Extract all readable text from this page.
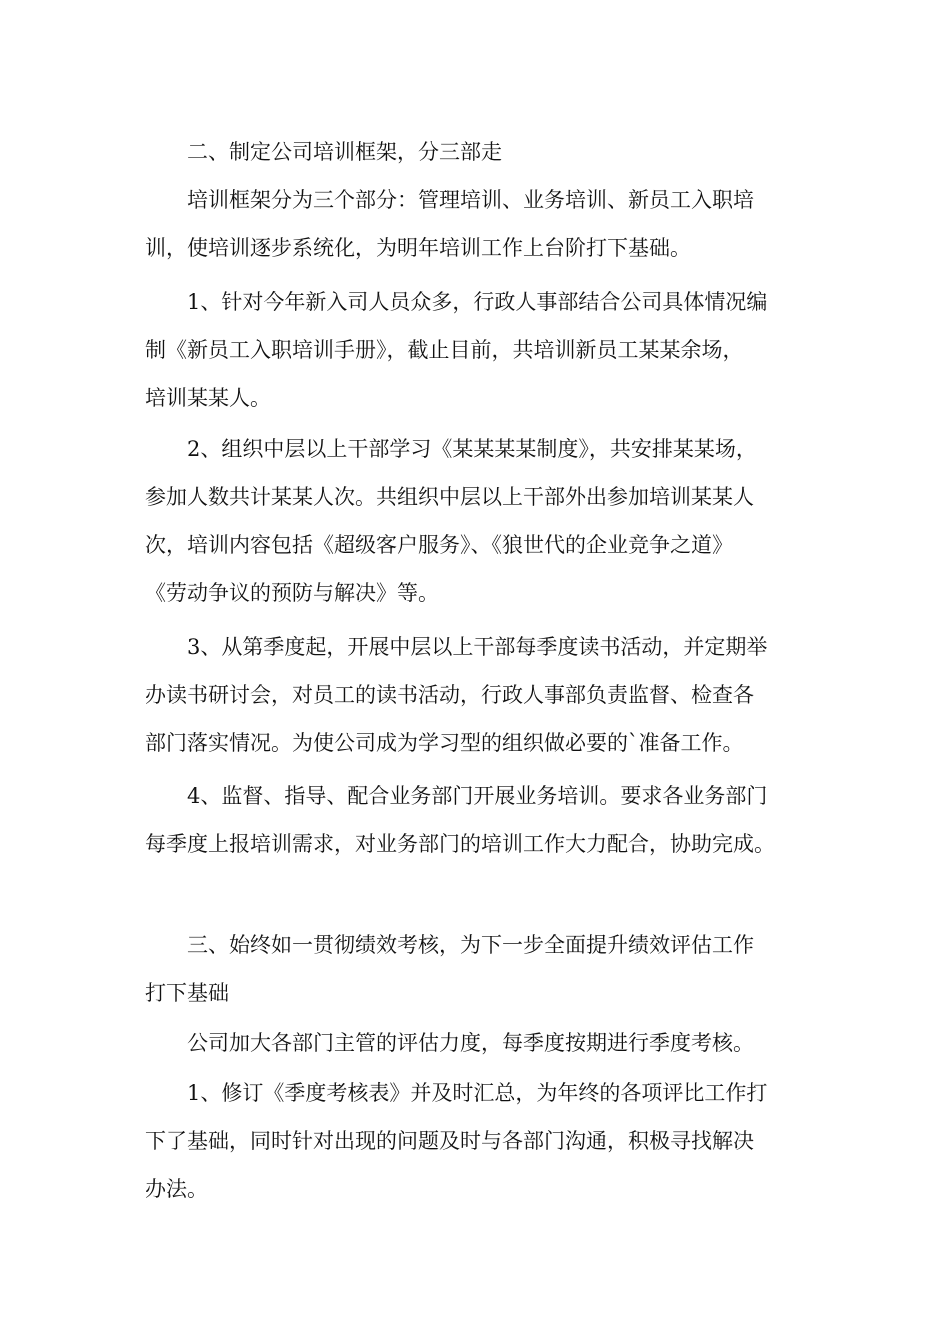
二、制定公司培训框架，分三部走
培训框架分为三个部分：管理培训、业务培训、新员工入职培
训，使培训逐步系统化，为明年培训工作上台阶打下基础。
1、针对今年新入司人员众多，行政人事部结合公司具体情况编
制《新员工入职培训手册》，截止目前，共培训新员工某某余场，
培训某某人。
2、组织中层以上干部学习《某某某某制度》，共安排某某场，
参加人数共计某某人次。共组织中层以上干部外出参加培训某某人
次，培训内容包括《超级客户服务》、《狼世代的企业竞争之道》
《劳动争议的预防与解决》等。
3、从第季度起，开展中层以上干部每季度读书活动，并定期举
办读书研讨会，对员工的读书活动，行政人事部负责监督、检查各
部门落实情况。为使公司成为学习型的组织做必要的`准备工作。
4、监督、指导、配合业务部门开展业务培训。要求各业务部门
每季度上报培训需求，对业务部门的培训工作大力配合，协助完成。
三、始终如一贯彻绩效考核，为下一步全面提升绩效评估工作
打下基础
公司加大各部门主管的评估力度，每季度按期进行季度考核。
1、修订《季度考核表》并及时汇总，为年终的各项评比工作打
下了基础，同时针对出现的问题及时与各部门沟通，积极寻找解决
办法。
